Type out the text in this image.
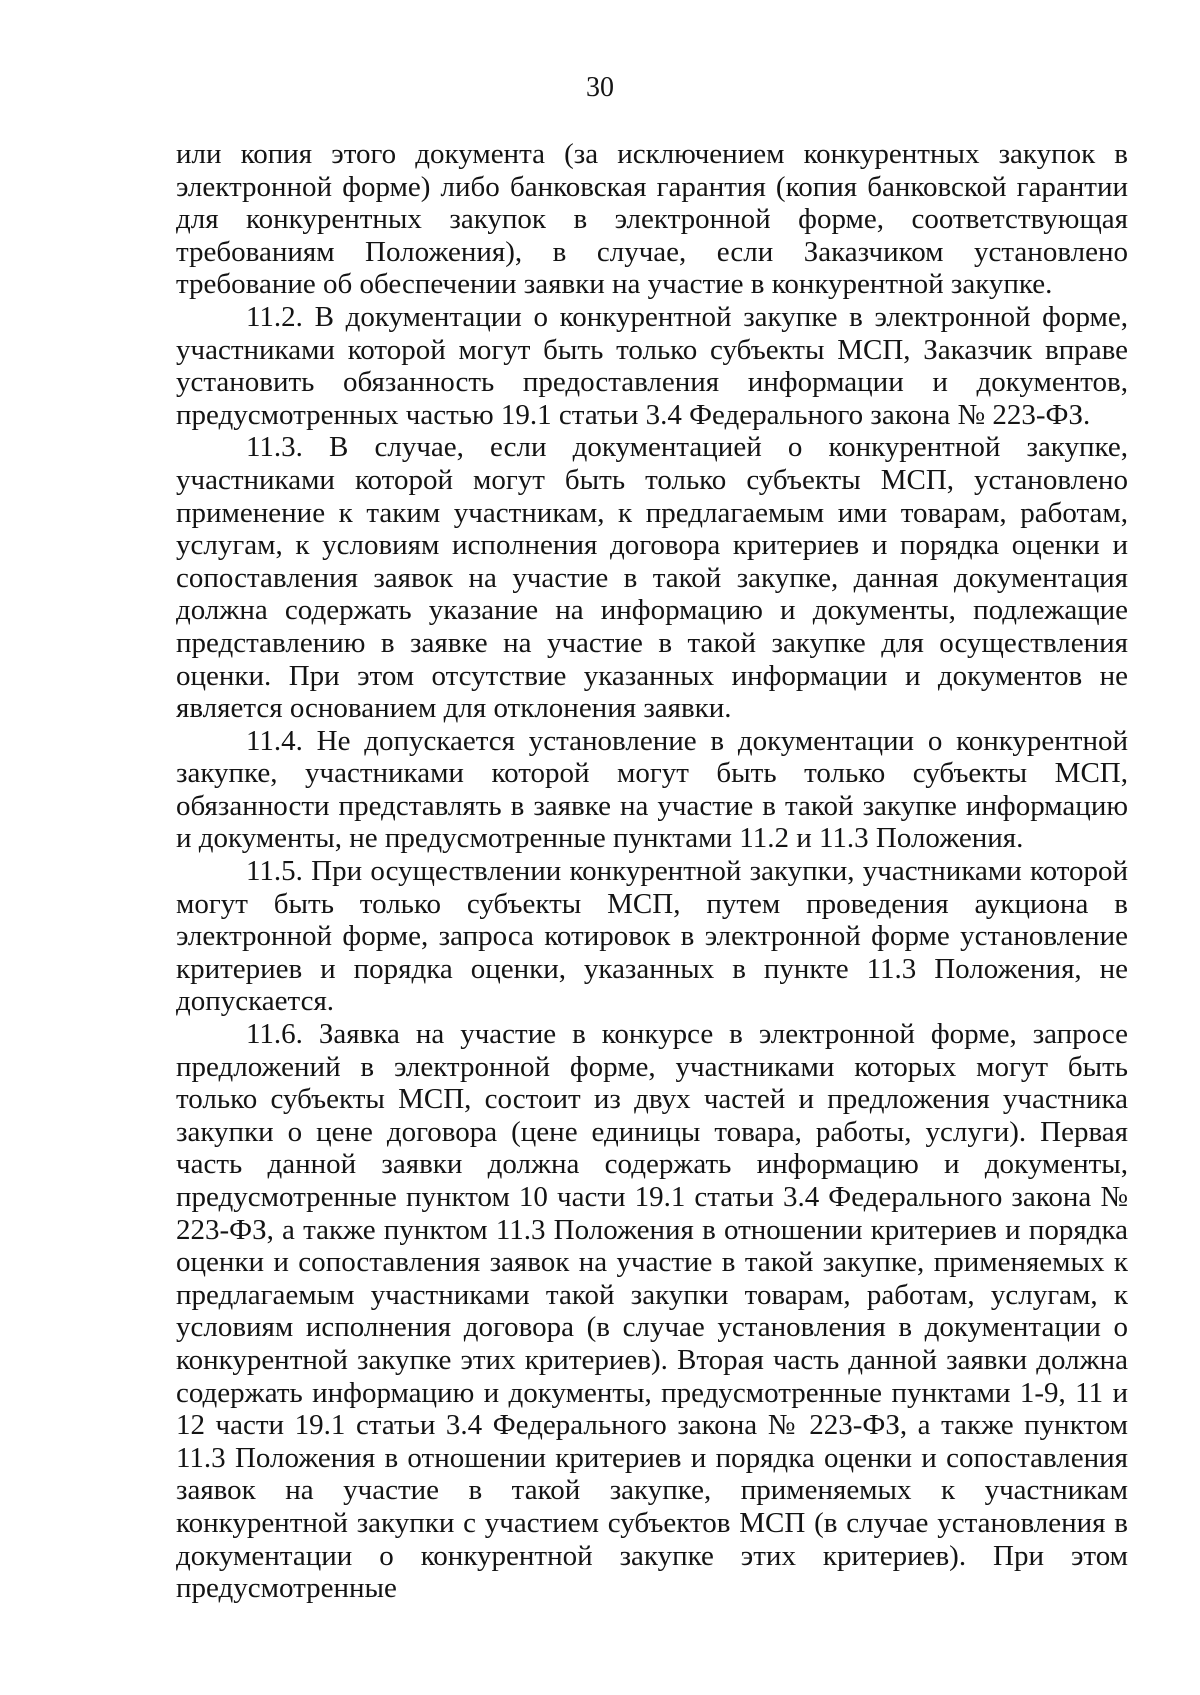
30

или копия этого документа (за исключением конкурентных закупок в электронной форме) либо банковская гарантия (копия банковской гарантии для конкурентных закупок в электронной форме, соответствующая требованиям Положения), в случае, если Заказчиком установлено требование об обеспечении заявки на участие в конкурентной закупке.

11.2. В документации о конкурентной закупке в электронной форме, участниками которой могут быть только субъекты МСП, Заказчик вправе установить обязанность предоставления информации и документов, предусмотренных частью 19.1 статьи 3.4 Федерального закона № 223-ФЗ.

11.3. В случае, если документацией о конкурентной закупке, участниками которой могут быть только субъекты МСП, установлено применение к таким участникам, к предлагаемым ими товарам, работам, услугам, к условиям исполнения договора критериев и порядка оценки и сопоставления заявок на участие в такой закупке, данная документация должна содержать указание на информацию и документы, подлежащие представлению в заявке на участие в такой закупке для осуществления оценки. При этом отсутствие указанных информации и документов не является основанием для отклонения заявки.

11.4. Не допускается установление в документации о конкурентной закупке, участниками которой могут быть только субъекты МСП, обязанности представлять в заявке на участие в такой закупке информацию и документы, не предусмотренные пунктами 11.2 и 11.3 Положения.

11.5. При осуществлении конкурентной закупки, участниками которой могут быть только субъекты МСП, путем проведения аукциона в электронной форме, запроса котировок в электронной форме установление критериев и порядка оценки, указанных в пункте 11.3 Положения, не допускается.

11.6. Заявка на участие в конкурсе в электронной форме, запросе предложений в электронной форме, участниками которых могут быть только субъекты МСП, состоит из двух частей и предложения участника закупки о цене договора (цене единицы товара, работы, услуги). Первая часть данной заявки должна содержать информацию и документы, предусмотренные пунктом 10 части 19.1 статьи 3.4 Федерального закона № 223-ФЗ, а также пунктом 11.3 Положения в отношении критериев и порядка оценки и сопоставления заявок на участие в такой закупке, применяемых к предлагаемым участниками такой закупки товарам, работам, услугам, к условиям исполнения договора (в случае установления в документации о конкурентной закупке этих критериев). Вторая часть данной заявки должна содержать информацию и документы, предусмотренные пунктами 1-9, 11 и 12 части 19.1 статьи 3.4 Федерального закона № 223-ФЗ, а также пунктом 11.3 Положения в отношении критериев и порядка оценки и сопоставления заявок на участие в такой закупке, применяемых к участникам конкурентной закупки с участием субъектов МСП (в случае установления в документации о конкурентной закупке этих критериев). При этом предусмотренные
